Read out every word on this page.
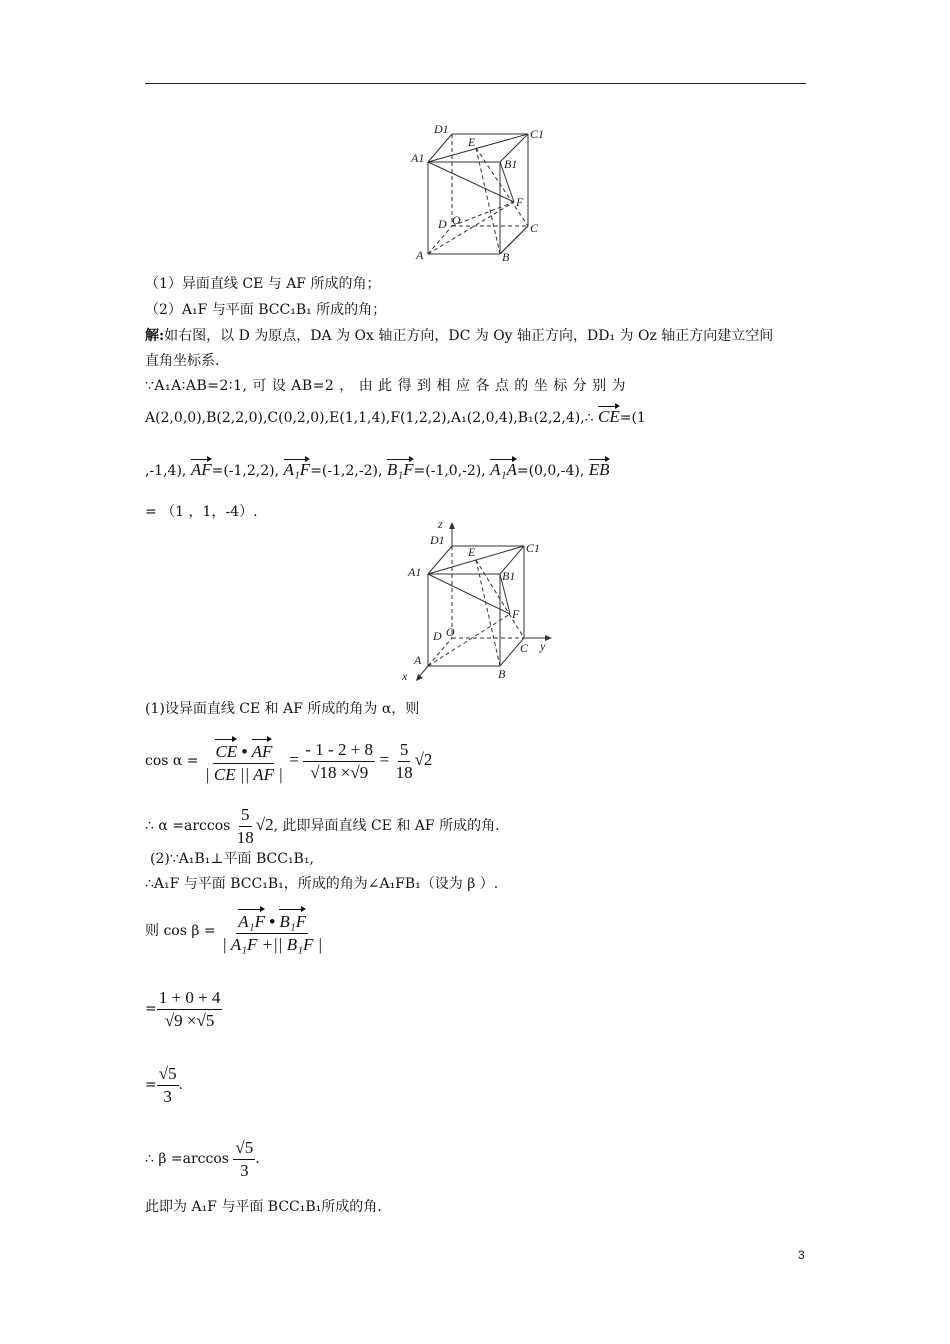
D1	C1
A1
E
B1
F
D O
C
A	B
（1）异面直线 CE 与 AF 所成的角；
（2）A₁F 与平面 BCC₁B₁ 所成的角；
解:如右图，以 D 为原点，DA 为 Ox 轴正方向，DC 为 Oy 轴正方向，DD₁ 为 Oz 轴正方向建立空间
直角坐标系.
∵A₁A∶AB=2∶1, 可 设 AB=2 ， 由 此 得 到 相 应 各 点 的 坐 标 分 别 为
A(2,0,0),B(2,2,0),C(0,2,0),E(1,1,4),F(1,2,2),A₁(2,0,4),B₁(2,2,4),∴ CE=(1
,-1,4), AF=(-1,2,2), A₁F=(-1,2,-2), B₁F=(-1,0,-2), A₁A=(0,0,-4), EB
= （1 ，1，-4）.
z
D1
E	C1
A1	B1
F
D O
C y
A
B
x
(1)设异面直线 CE 和 AF 所成的角为 α，则
$\cos \alpha = \frac{CE • AF}{| CE || AF |} = \frac{- 1 - 2 + 8}{√18 \times√9} = \frac{5}{18} √2$
∴ $\alpha =\arccos \frac{5}{18} √2$, 此即异面直线 CE 和 AF 所成的角.
(2)∵A₁B₁⊥平面 BCC₁B₁,
∴A₁F 与平面 BCC₁B₁，所成的角为∠A₁FB₁（设为 β ）.
则 $\cos \beta = \frac{\text{A₁F • B₁F}}{\text{| A₁F +|| B₁F |}}$
= $\frac{1 + 0 + 4}{√9 \times√5}$
= $\frac{√5}{3}$ .
∴ $\beta =\arccos \frac{√5}{3}$ .
此即为 A₁F 与平面 BCC₁B₁所成的角.
3
